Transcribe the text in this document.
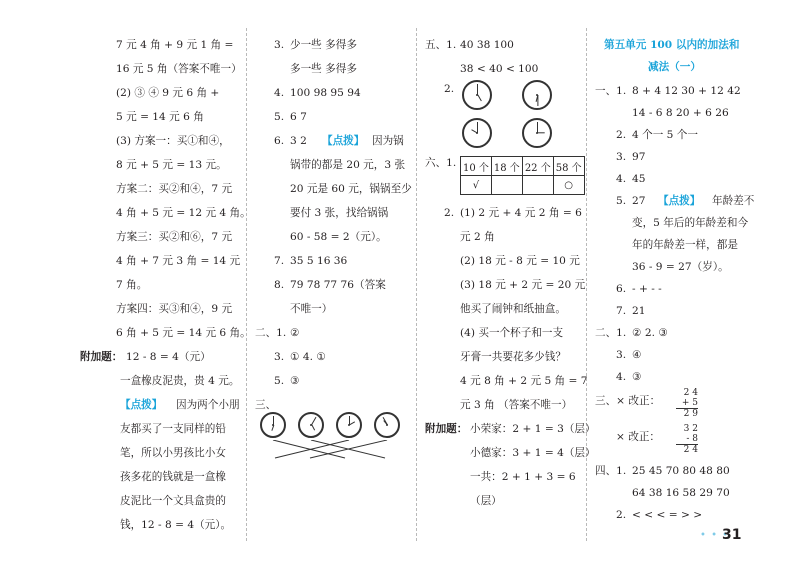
7 元 4 角 + 9 元 1 角 =
16 元 5 角（答案不唯一）
(2) ③ ④ 9 元 6 角 +
5 元 = 14 元 6 角
(3) 方案一：买①和④，
8 元 + 5 元 = 13 元。
方案二：买②和④，7 元
4 角 + 5 元 = 12 元 4 角。
方案三：买②和⑥，7 元
4 角 + 7 元 3 角 = 14 元
7 角。
方案四：买③和④，9 元
6 角 + 5 元 = 14 元 6 角。
附加题： 12 - 8 = 4（元）
一盒橡皮泥贵，贵 4 元。
【点拨】 因为两个小朋
友都买了一支同样的铅
笔，所以小男孩比小女
孩多花的钱就是一盒橡
皮泥比一个文具盒贵的
钱，12 - 8 = 4（元）。
3. 少一些 多得多
多一些 多得多
4. 100 98 95 94
5. 6 7
6. 3 2 【点拨】 因为锅
锅带的都是 20 元，3 张
20 元是 60 元，锅锅至少
要付 3 张，找给锅锅
60 - 58 = 2（元）。
7. 35 5 16 36
8. 79 78 77 76（答案
不唯一）
二、1. ②
3. ① 4. ①
5. ③
三、
五、1. 40 38 100
38 < 40 < 100
2.
六、1. 10 个	18 个	22 个	58 个
√			○
2. (1) 2 元 + 4 元 2 角 = 6
元 2 角
(2) 18 元 - 8 元 = 10 元
(3) 18 元 + 2 元 = 20 元
他买了闹钟和纸抽盒。
(4) 买一个杯子和一支
牙膏一共要花多少钱？
4 元 8 角 + 2 元 5 角 = 7
元 3 角 （答案不唯一）
附加题： 小荣家：2 + 1 = 3（层）
小德家：3 + 1 = 4（层）
一共：2 + 1 + 3 = 6
（层）
第五单元 100 以内的加法和
减法（一）
一、1. 8 + 4 12 30 + 12 42
14 - 6 8 20 + 6 26
2. 4 个一 5 个一
3. 97
4. 45
5. 27 【点拨】 年龄差不
变，5 年后的年龄差和今
年的年龄差一样，都是
36 - 9 = 27（岁）。
6. - + - -
7. 21
二、1. ② 2. ③
3. ④
4. ③
三、× 改正：
2 4
+ 5
2 9
× 改正：
3 2
- 8
2 4
四、1. 25 45 70 80 48 80
64 38 16 58 29 70
2. < < < = > >
• • •
31
